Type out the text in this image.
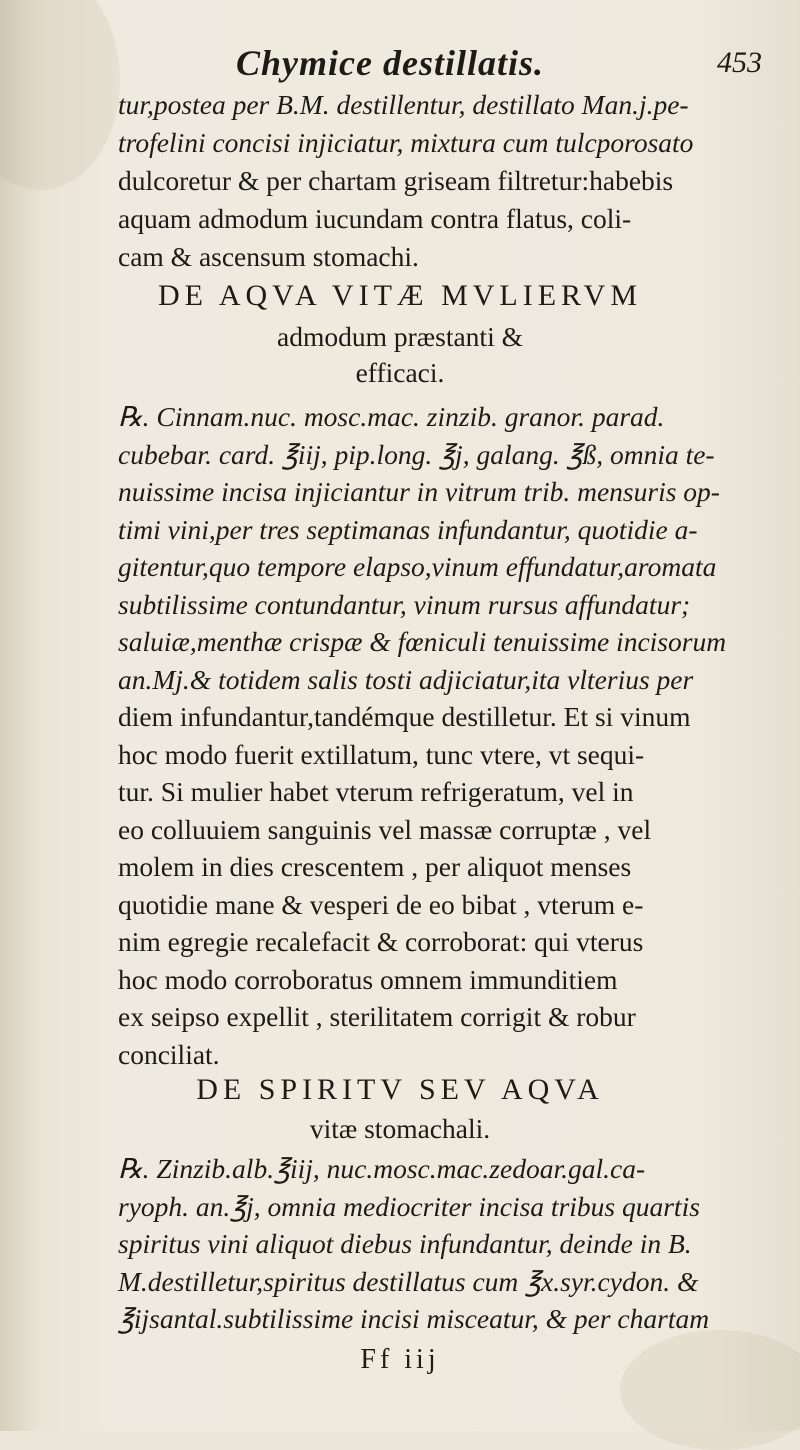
Chymice destillatis.	453
tur,postea per B.M. destillentur, destillato Man.j.pe-
trofelini concisi injiciatur, mixtura cum tulcporosato
dulcoretur & per chartam griseam filtretur:habebis
aquam admodum iucundam contra flatus, coli-
cam & ascensum stomachi.
DE AQVA VITÆ MVLIERVM
admodum præstanti &
efficaci.
℞. Cinnam.nuc. mosc.mac. zinzib. granor. parad.
cubebar. card. ℥iij, pip.long. ℥j, galang. ℥ß, omnia te-
nuissime incisa injiciantur in vitrum trib. mensuris op-
timi vini,per tres septimanas infundantur, quotidie a-
gitentur,quo tempore elapso,vinum effundatur,aromata
subtilissime contundantur, vinum rursus affundatur;
saluiæ,menthæ crispæ & fœniculi tenuissime incisorum
an.Mj.& totidem salis tosti adjiciatur,ita vlterius per
diem infundantur,tandémque destilletur. Et si vinum
hoc modo fuerit extillatum, tunc vtere, vt sequi-
tur. Si mulier habet vterum refrigeratum, vel in
eo colluuiem sanguinis vel massæ corruptæ , vel
molem in dies crescentem , per aliquot menses
quotidie mane & vesperi de eo bibat , vterum e-
nim egregie recalefacit & corroborat: qui vterus
hoc modo corroboratus omnem immunditiem
ex seipso expellit , sterilitatem corrigit & robur
conciliat.
DE SPIRITV SEV AQVA
vitæ stomachali.
℞. Zinzib.alb.℥iij, nuc.mosc.mac.zedoar.gal.ca-
ryoph. an.℥j, omnia mediocriter incisa tribus quartis
spiritus vini aliquot diebus infundantur, deinde in B.
M.destilletur,spiritus destillatus cum ℥x.syr.cydon. &
℥ijsantal.subtilissime incisi misceatur, & per chartam
Ff iij
